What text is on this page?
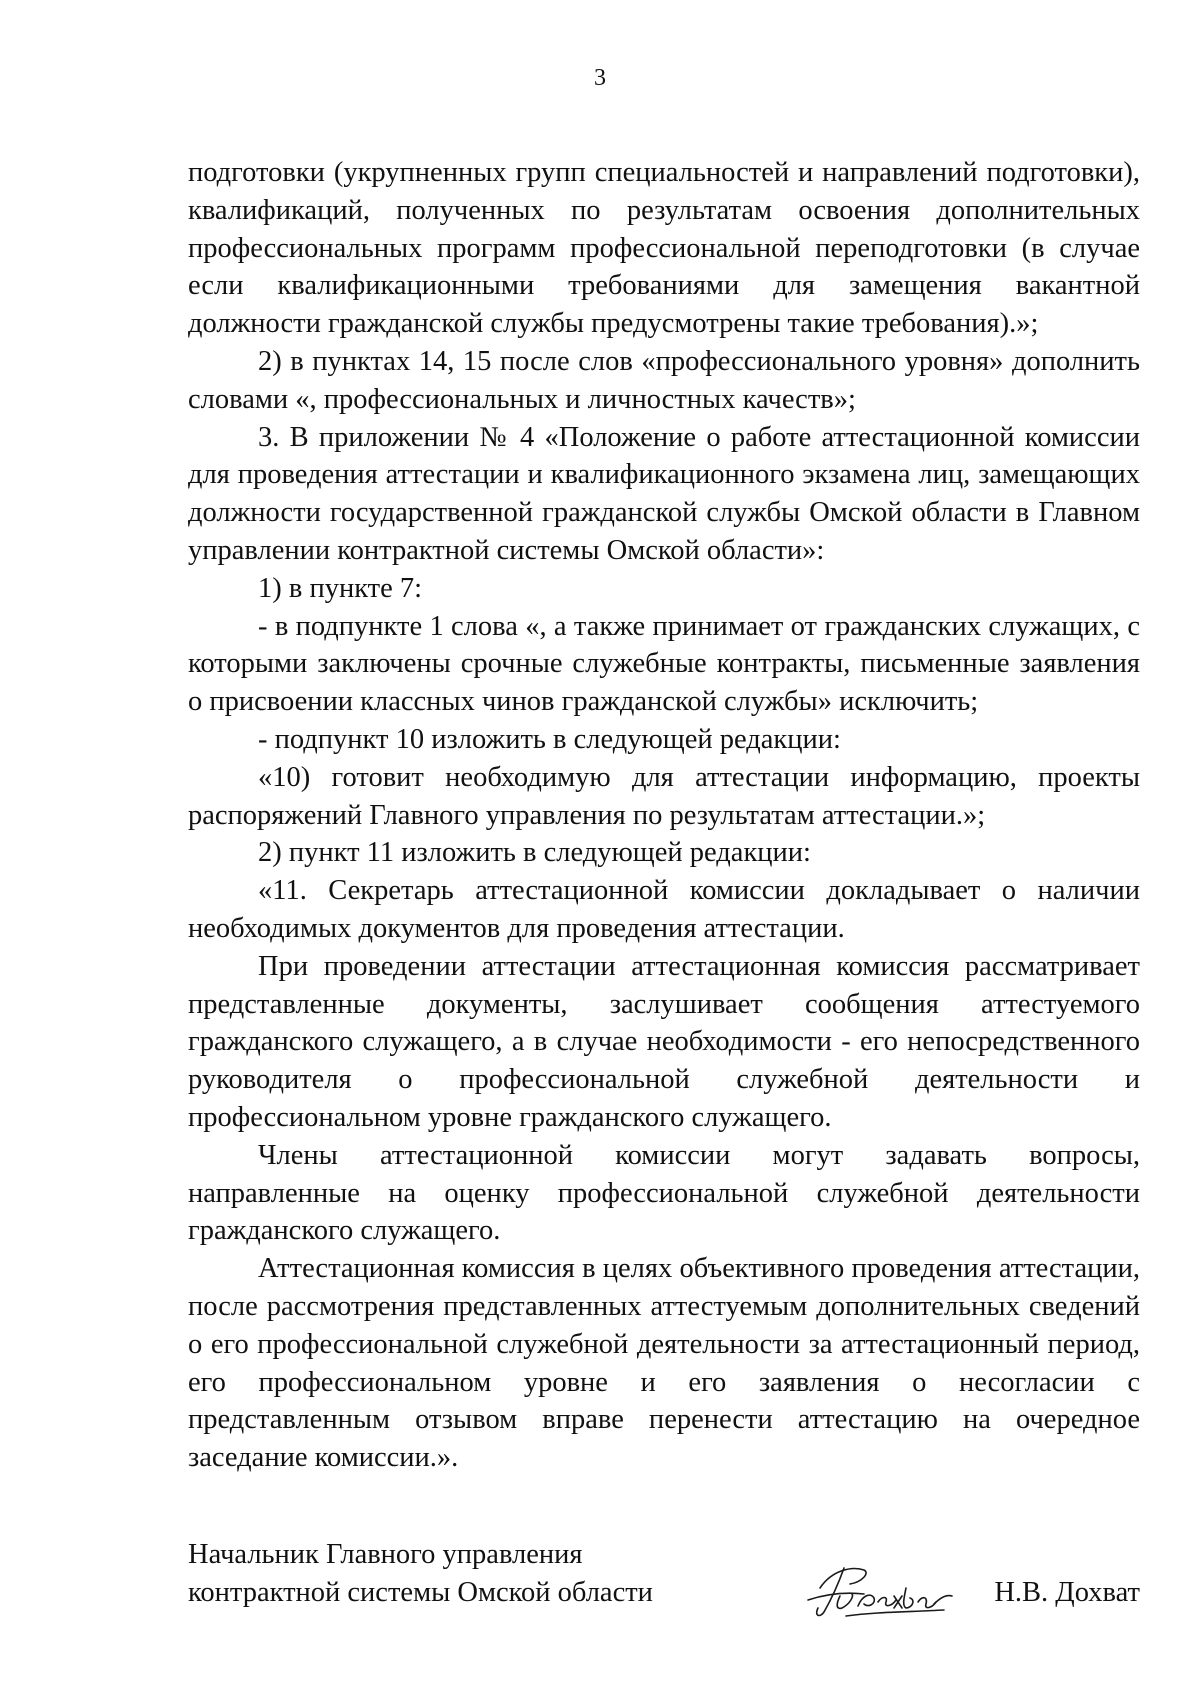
3

подготовки (укрупненных групп специальностей и направлений подготовки), квалификаций, полученных по результатам освоения дополнительных профессиональных программ профессиональной переподготовки (в случае если квалификационными требованиями для замещения вакантной должности гражданской службы предусмотрены такие требования).»;

2) в пунктах 14, 15 после слов «профессионального уровня» дополнить словами «, профессиональных и личностных качеств»;

3. В приложении № 4 «Положение о работе аттестационной комиссии для проведения аттестации и квалификационного экзамена лиц, замещающих должности государственной гражданской службы Омской области в Главном управлении контрактной системы Омской области»:

1) в пункте 7:

- в подпункте 1 слова «, а также принимает от гражданских служащих, с которыми заключены срочные служебные контракты, письменные заявления о присвоении классных чинов гражданской службы» исключить;

- подпункт 10 изложить в следующей редакции:

«10) готовит необходимую для аттестации информацию, проекты распоряжений Главного управления по результатам аттестации.»;

2) пункт 11 изложить в следующей редакции:

«11. Секретарь аттестационной комиссии докладывает о наличии необходимых документов для проведения аттестации.

При проведении аттестации аттестационная комиссия рассматривает представленные документы, заслушивает сообщения аттестуемого гражданского служащего, а в случае необходимости - его непосредственного руководителя о профессиональной служебной деятельности и профессиональном уровне гражданского служащего.

Члены аттестационной комиссии могут задавать вопросы, направленные на оценку профессиональной служебной деятельности гражданского служащего.

Аттестационная комиссия в целях объективного проведения аттестации, после рассмотрения представленных аттестуемым дополнительных сведений о его профессиональной служебной деятельности за аттестационный период, его профессиональном уровне и его заявления о несогласии с представленным отзывом вправе перенести аттестацию на очередное заседание комиссии.».

Начальник Главного управления
контрактной системы Омской области	Н.В. Дохват
